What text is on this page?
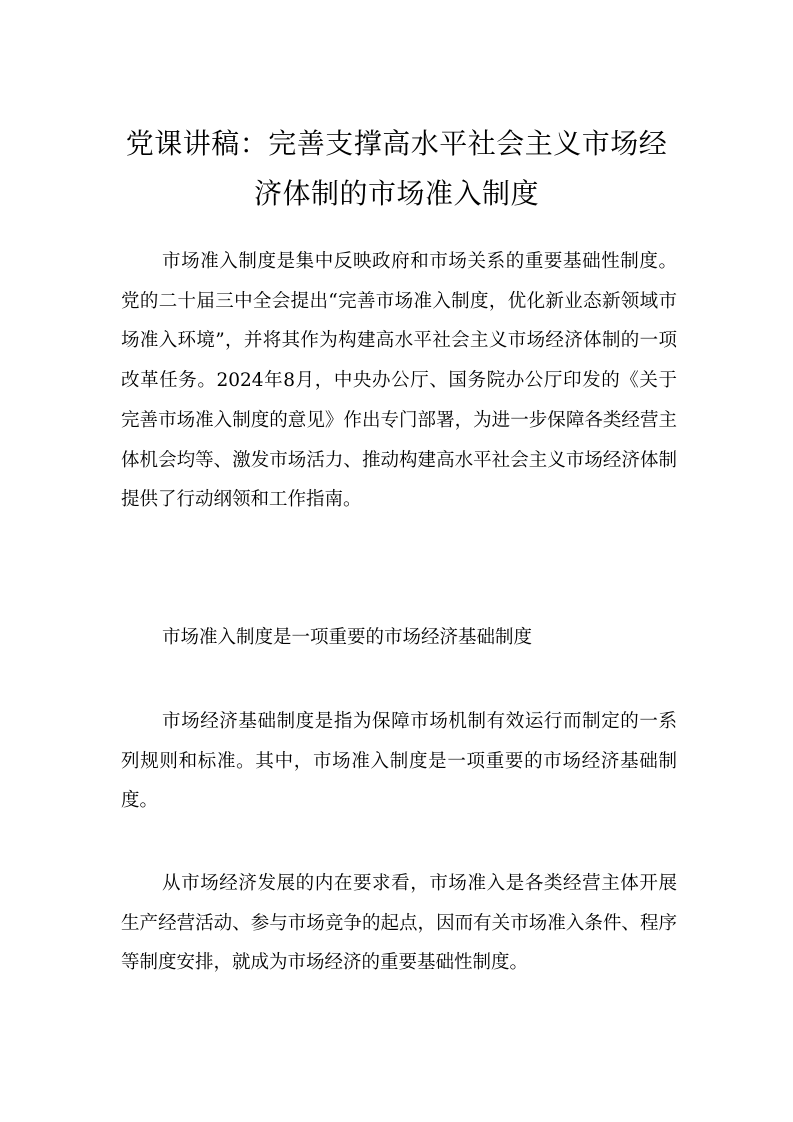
党课讲稿：完善支撑高水平社会主义市场经
济体制的市场准入制度

市场准入制度是集中反映政府和市场关系的重要基础性制度。党的二十届三中全会提出“完善市场准入制度，优化新业态新领域市场准入环境”，并将其作为构建高水平社会主义市场经济体制的一项改革任务。2024年8月，中央办公厅、国务院办公厅印发的《关于完善市场准入制度的意见》作出专门部署，为进一步保障各类经营主体机会均等、激发市场活力、推动构建高水平社会主义市场经济体制提供了行动纲领和工作指南。

市场准入制度是一项重要的市场经济基础制度

市场经济基础制度是指为保障市场机制有效运行而制定的一系列规则和标准。其中，市场准入制度是一项重要的市场经济基础制度。

从市场经济发展的内在要求看，市场准入是各类经营主体开展生产经营活动、参与市场竞争的起点，因而有关市场准入条件、程序等制度安排，就成为市场经济的重要基础性制度。
